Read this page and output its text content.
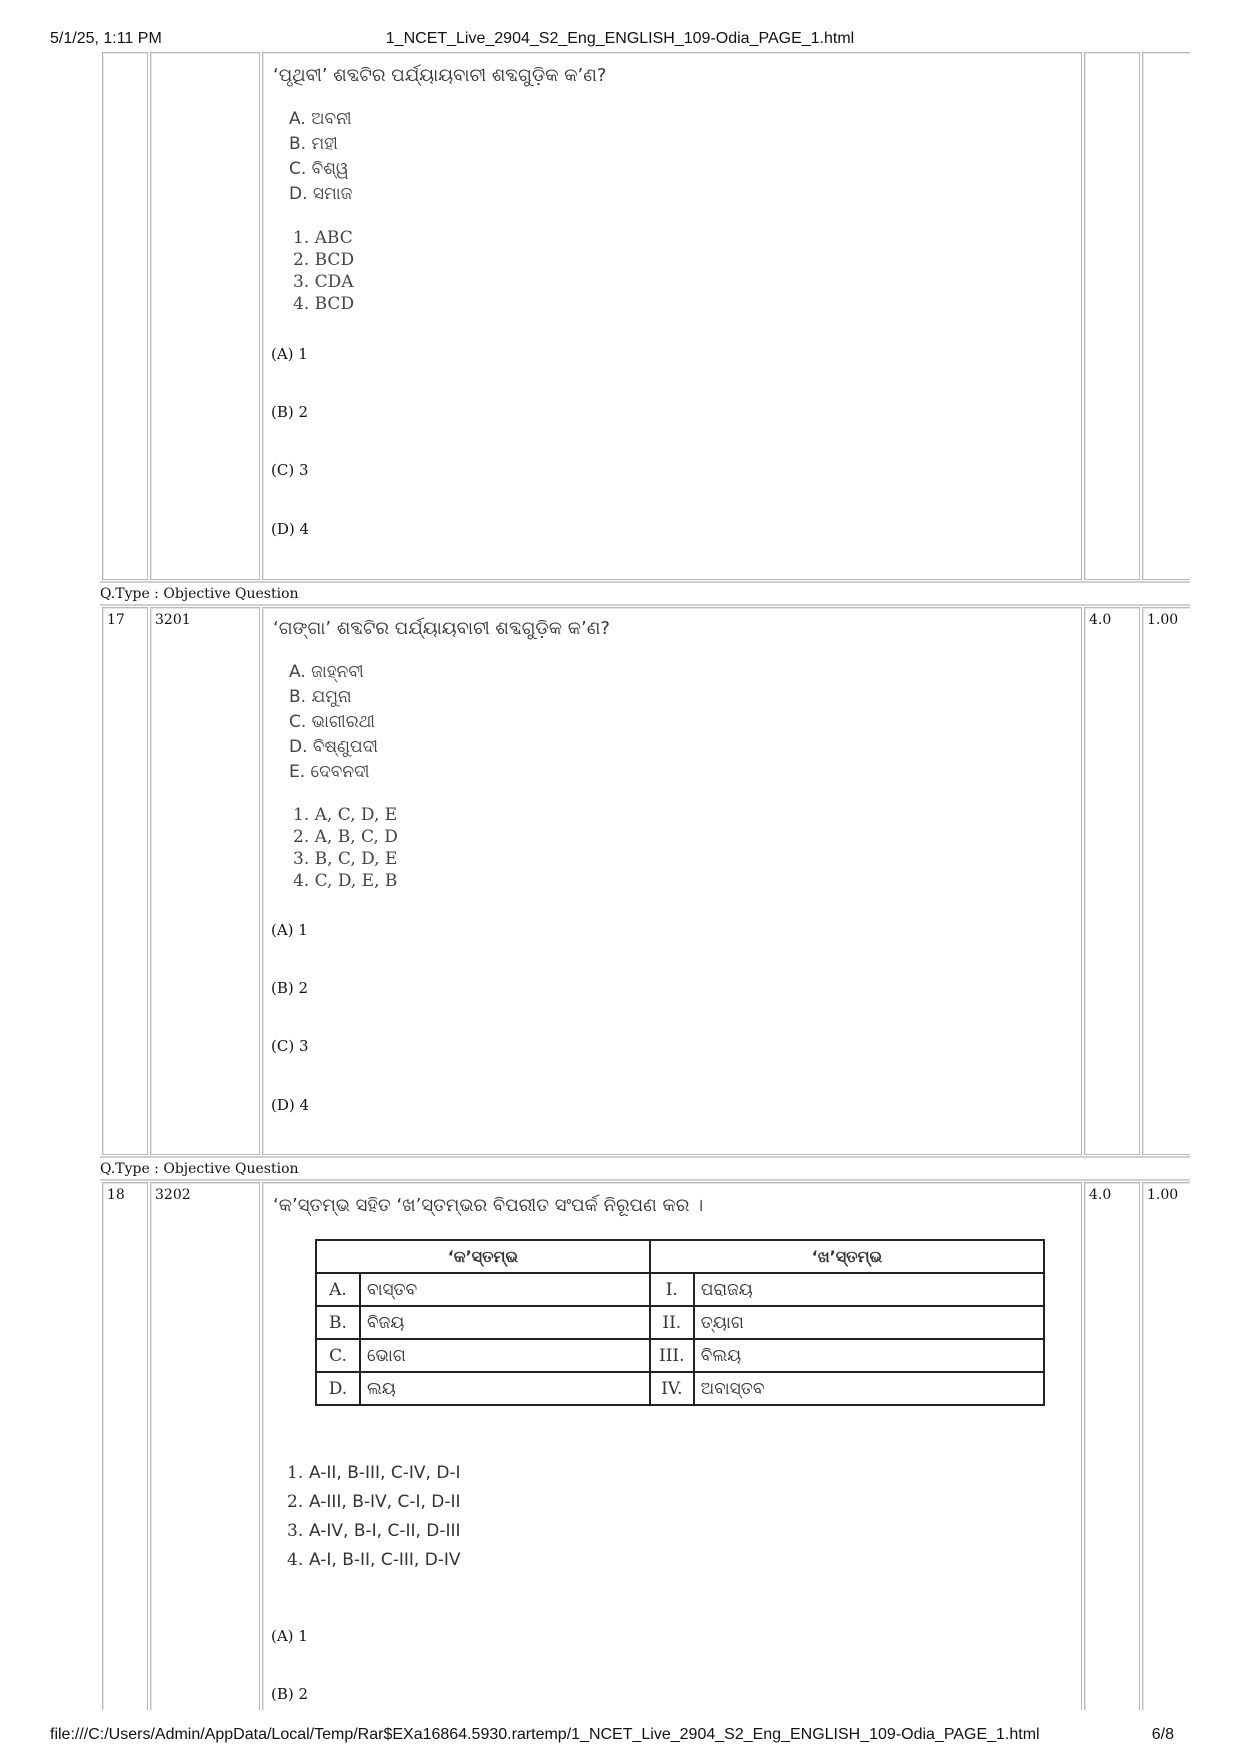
5/1/25, 1:11 PM	1_NCET_Live_2904_S2_Eng_ENGLISH_109-Odia_PAGE_1.html
‘ପୃଥିବୀ’ ଶବ୍ଦଟିର ପର୍ଯ୍ୟାୟବାଚୀ ଶବ୍ଦଗୁଡ଼ିକ କ’ଣ?
A. ଅବନୀ
B. ମହୀ
C. ବିଶ୍ୱ
D. ସମାଜ
1. ABC
2. BCD
3. CDA
4. BCD
(A) 1
(B) 2
(C) 3
(D) 4
Q.Type : Objective Question
17 3201	‘ଗଙ୍ଗା’ ଶବ୍ଦଟିର ପର୍ଯ୍ୟାୟବାଚୀ ଶବ୍ଦଗୁଡ଼ିକ କ’ଣ?
A. ଜାହ୍ନବୀ
B. ଯମୁନା
C. ଭାଗୀରଥୀ
D. ବିଷ୍ଣୁପଦୀ
E. ଦେବନଦୀ
1. A, C, D, E
2. A, B, C, D
3. B, C, D, E
4. C, D, E, B
(A) 1
(B) 2
(C) 3
(D) 4
4.0	1.00
Q.Type : Objective Question
18 3202	‘କ’ସ୍ତମ୍ଭ ସହିତ ‘ଖ’ସ୍ତମ୍ଭର ବିପରୀତ ସଂପର୍କ ନିରୂପଣ କର ।
‘କ’ସ୍ତମ୍ଭ		‘ଖ’ସ୍ତମ୍ଭ	
A.	ବାସ୍ତବ	I.	ପରାଜୟ
B.	ବିଜୟ	II.	ତ୍ୟାଗ
C.	ଭୋଗ	III.	ବିଲୟ
D.	ଲୟ	IV.	ଅବାସ୍ତବ
1. A-II, B-III, C-IV, D-I
2. A-III, B-IV, C-I, D-II
3. A-IV, B-I, C-II, D-III
4. A-I, B-II, C-III, D-IV
(A) 1
(B) 2
4.0	1.00
file:///C:/Users/Admin/AppData/Local/Temp/Rar$EXa16864.5930.rartemp/1_NCET_Live_2904_S2_Eng_ENGLISH_109-Odia_PAGE_1.html	6/8
